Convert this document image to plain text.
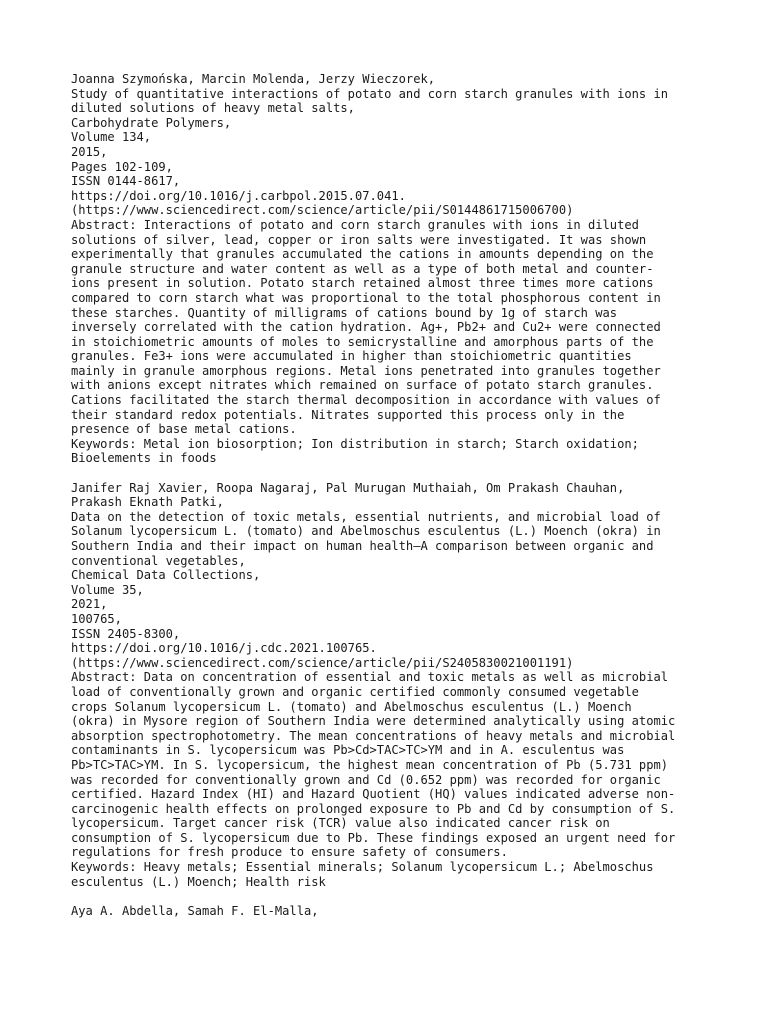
Joanna Szymońska, Marcin Molenda, Jerzy Wieczorek,
Study of quantitative interactions of potato and corn starch granules with ions in
diluted solutions of heavy metal salts,
Carbohydrate Polymers,
Volume 134,
2015,
Pages 102-109,
ISSN 0144-8617,
https://doi.org/10.1016/j.carbpol.2015.07.041.
(https://www.sciencedirect.com/science/article/pii/S0144861715006700)
Abstract: Interactions of potato and corn starch granules with ions in diluted
solutions of silver, lead, copper or iron salts were investigated. It was shown
experimentally that granules accumulated the cations in amounts depending on the
granule structure and water content as well as a type of both metal and counter-
ions present in solution. Potato starch retained almost three times more cations
compared to corn starch what was proportional to the total phosphorous content in
these starches. Quantity of milligrams of cations bound by 1g of starch was
inversely correlated with the cation hydration. Ag+, Pb2+ and Cu2+ were connected
in stoichiometric amounts of moles to semicrystalline and amorphous parts of the
granules. Fe3+ ions were accumulated in higher than stoichiometric quantities
mainly in granule amorphous regions. Metal ions penetrated into granules together
with anions except nitrates which remained on surface of potato starch granules.
Cations facilitated the starch thermal decomposition in accordance with values of
their standard redox potentials. Nitrates supported this process only in the
presence of base metal cations.
Keywords: Metal ion biosorption; Ion distribution in starch; Starch oxidation;
Bioelements in foods
Janifer Raj Xavier, Roopa Nagaraj, Pal Murugan Muthaiah, Om Prakash Chauhan,
Prakash Eknath Patki,
Data on the detection of toxic metals, essential nutrients, and microbial load of
Solanum lycopersicum L. (tomato) and Abelmoschus esculentus (L.) Moench (okra) in
Southern India and their impact on human health—A comparison between organic and
conventional vegetables,
Chemical Data Collections,
Volume 35,
2021,
100765,
ISSN 2405-8300,
https://doi.org/10.1016/j.cdc.2021.100765.
(https://www.sciencedirect.com/science/article/pii/S2405830021001191)
Abstract: Data on concentration of essential and toxic metals as well as microbial
load of conventionally grown and organic certified commonly consumed vegetable
crops Solanum lycopersicum L. (tomato) and Abelmoschus esculentus (L.) Moench
(okra) in Mysore region of Southern India were determined analytically using atomic
absorption spectrophotometry. The mean concentrations of heavy metals and microbial
contaminants in S. lycopersicum was Pb>Cd>TAC>TC>YM and in A. esculentus was
Pb>TC>TAC>YM. In S. lycopersicum, the highest mean concentration of Pb (5.731 ppm)
was recorded for conventionally grown and Cd (0.652 ppm) was recorded for organic
certified. Hazard Index (HI) and Hazard Quotient (HQ) values indicated adverse non-
carcinogenic health effects on prolonged exposure to Pb and Cd by consumption of S.
lycopersicum. Target cancer risk (TCR) value also indicated cancer risk on
consumption of S. lycopersicum due to Pb. These findings exposed an urgent need for
regulations for fresh produce to ensure safety of consumers.
Keywords: Heavy metals; Essential minerals; Solanum lycopersicum L.; Abelmoschus
esculentus (L.) Moench; Health risk
Aya A. Abdella, Samah F. El-Malla,
